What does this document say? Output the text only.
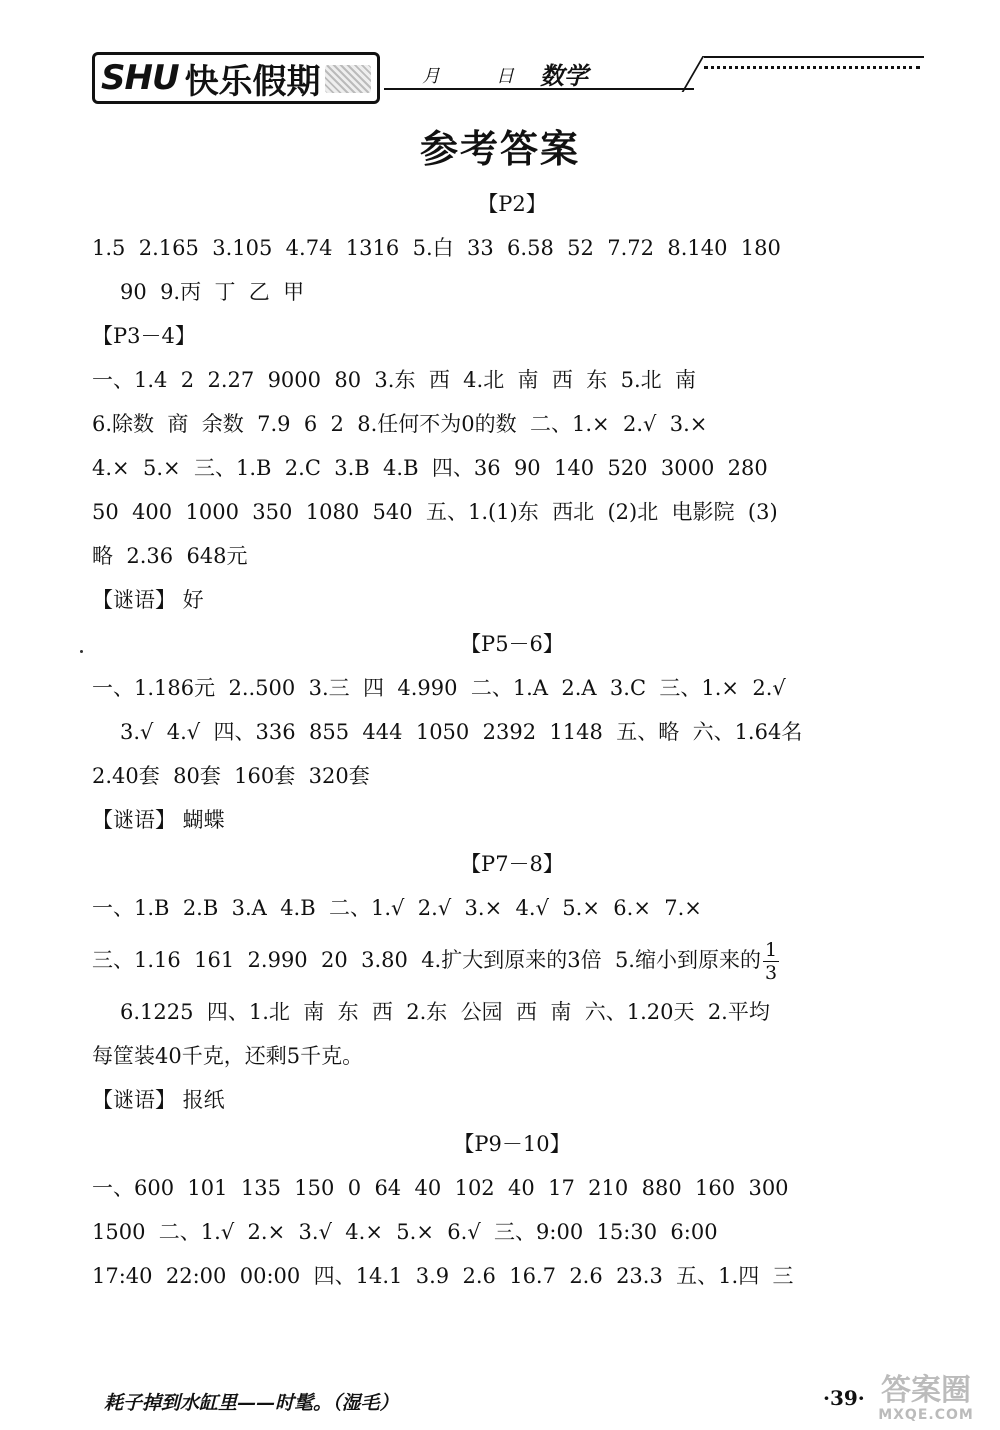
SHU 快乐假期	月	日 数学
参考答案
【P2】
1.5  2.165  3.105  4.74  1316  5.白  33  6.58  52  7.72  8.140  180
90  9.丙  丁  乙  甲
【P3－4】
一、1.4  2  2.27  9000  80  3.东  西  4.北  南  西  东  5.北  南
6.除数  商  余数  7.9  6  2  8.任何不为0的数  二、1.×  2.√  3.×
4.×  5.×  三、1.B  2.C  3.B  4.B  四、36  90  140  520  3000  280
50  400  1000  350  1080  540  五、1.(1)东  西北  (2)北  电影院  (3)
略  2.36  648元
【谜语】 好
【P5－6】
一、1.186元  2..500  3.三  四  4.990  二、1.A  2.A  3.C  三、1.×  2.√
3.√  4.√  四、336  855  444  1050  2392  1148  五、略  六、1.64名
2.40套  80套  160套  320套
【谜语】 蝴蝶
【P7－8】
一、1.B  2.B  3.A  4.B  二、1.√  2.√  3.×  4.√  5.×  6.×  7.×
三、1.16  161  2.990  20  3.80  4.扩大到原来的3倍  5.缩小到原来的 $\frac{1}{3}$
6.1225  四、1.北  南  东  西  2.东  公园  西  南  六、1.20天  2.平均
每筐装40千克，还剩5千克。
【谜语】 报纸
【P9－10】
一、600  101  135  150  0  64  40  102  40  17  210  880  160  300
1500  二、1.√  2.×  3.√  4.×  5.×  6.√  三、9:00  15:30  6:00
17:40  22:00  00:00  四、14.1  3.9  2.6  16.7  2.6  23.3  五、1.四  三
耗子掉到水缸里——时髦。（湿毛）	·39· 答案圈
MXQE.COM
